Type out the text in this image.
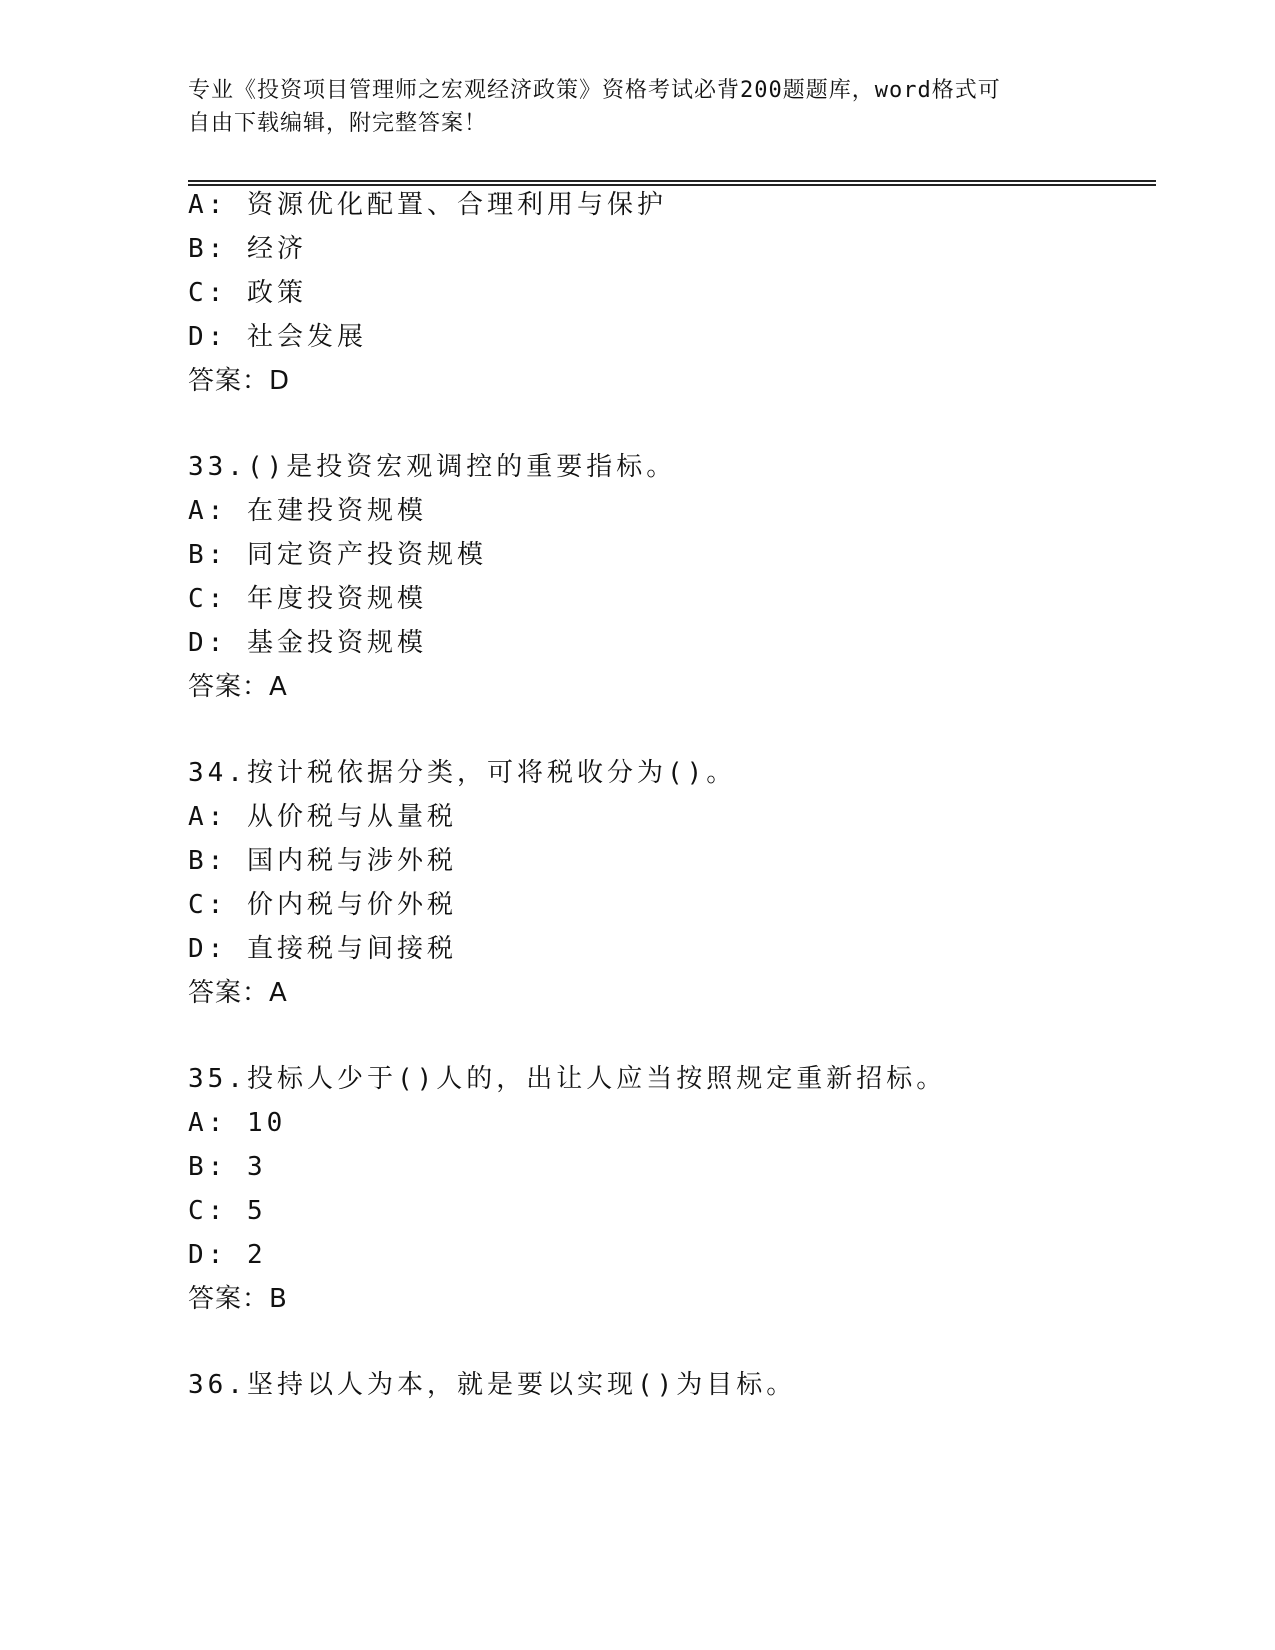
专业《投资项目管理师之宏观经济政策》资格考试必背200题题库，word格式可
自由下载编辑，附完整答案！
A: 资源优化配置、合理利用与保护
B: 经济
C: 政策
D: 社会发展
答案：D
33.()是投资宏观调控的重要指标。
A: 在建投资规模
B: 同定资产投资规模
C: 年度投资规模
D: 基金投资规模
答案：A
34.按计税依据分类，可将税收分为()。
A: 从价税与从量税
B: 国内税与涉外税
C: 价内税与价外税
D: 直接税与间接税
答案：A
35.投标人少于()人的，出让人应当按照规定重新招标。
A: 10
B: 3
C: 5
D: 2
答案：B
36.坚持以人为本，就是要以实现()为目标。
